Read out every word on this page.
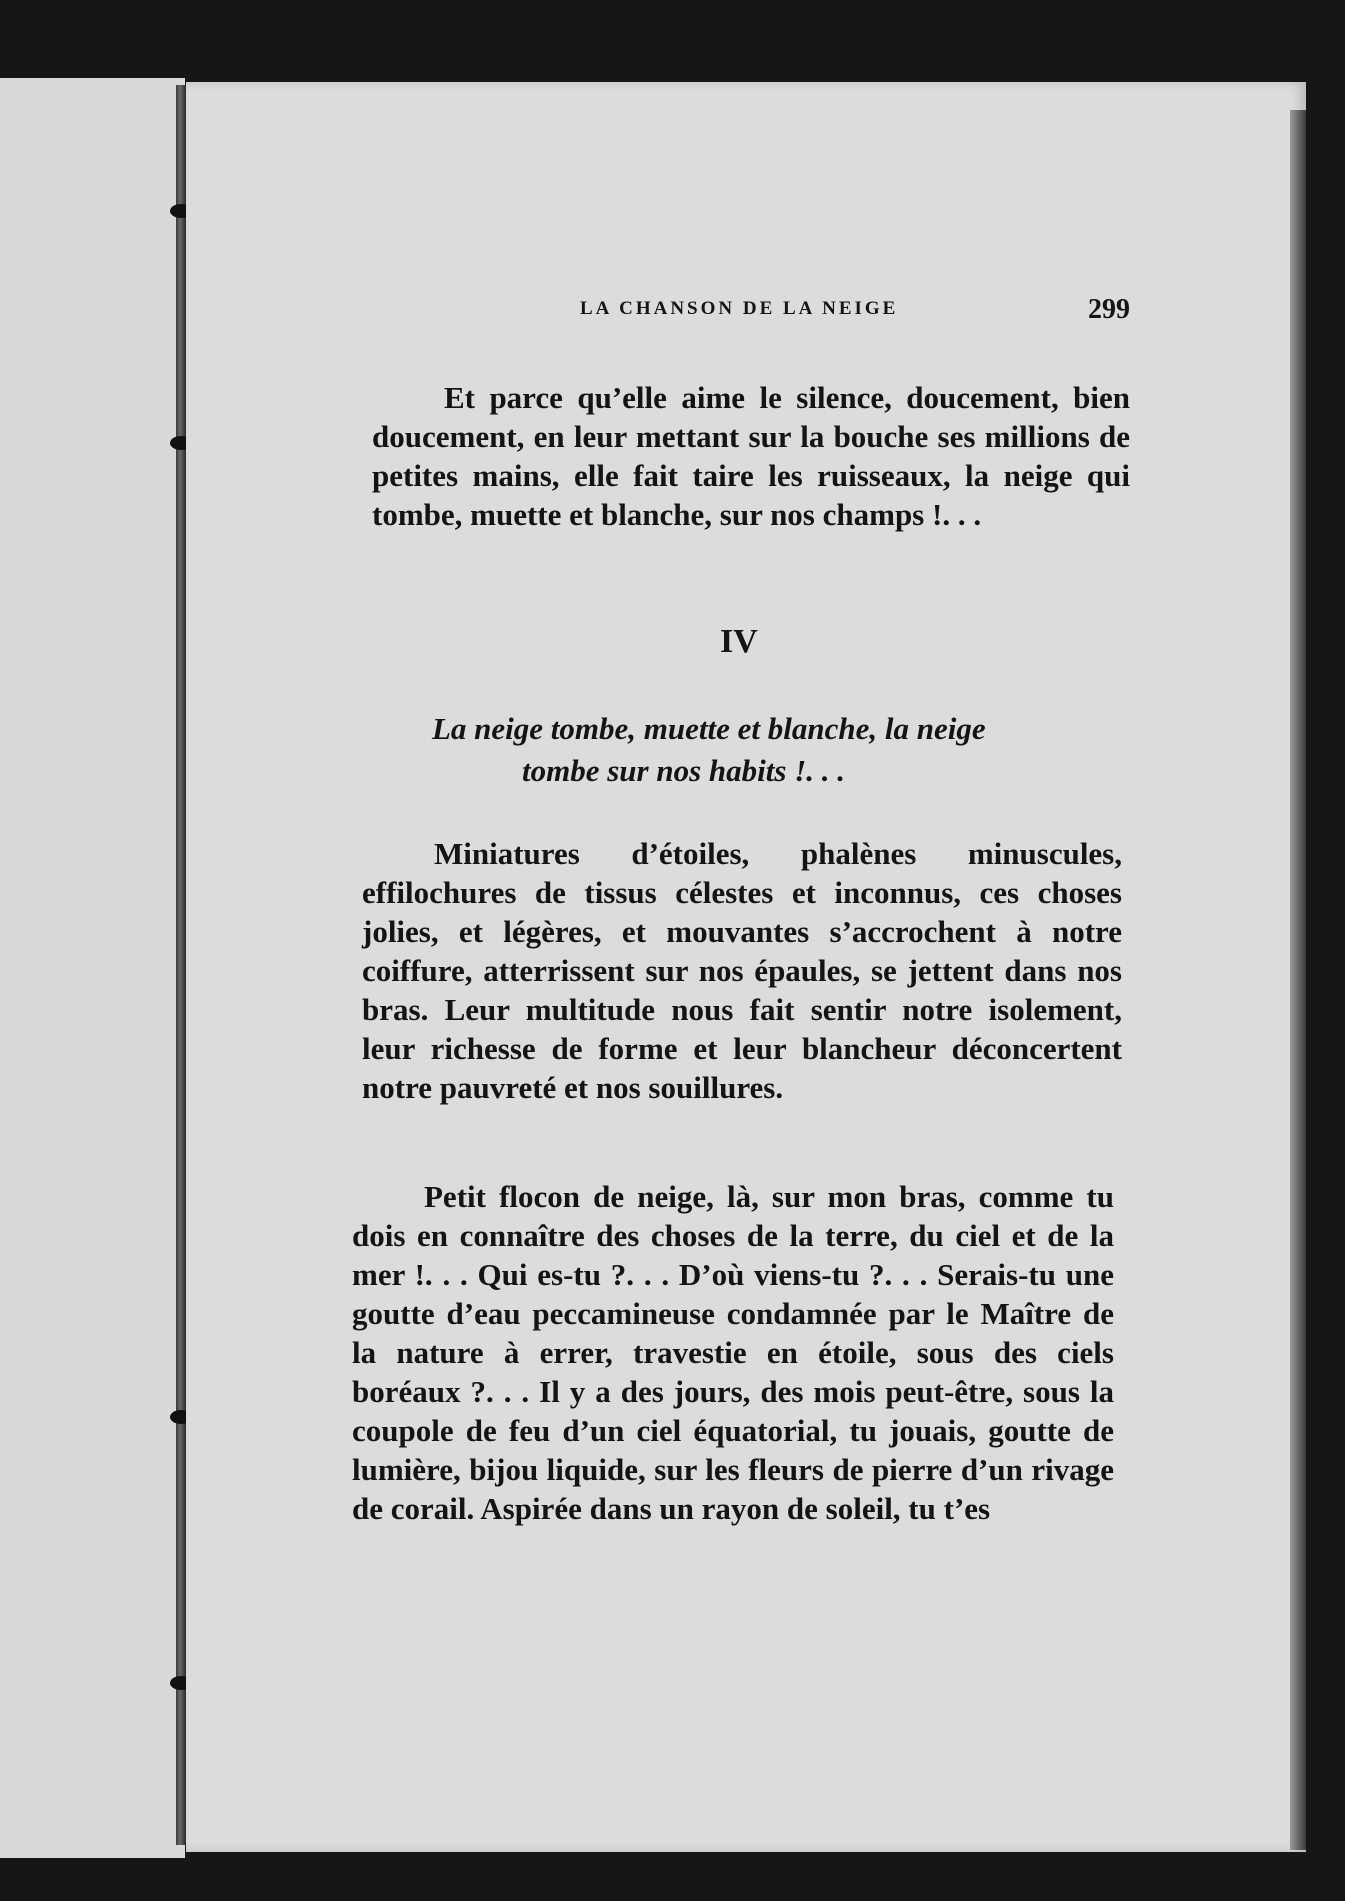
LA CHANSON DE LA NEIGE	299

Et parce qu’elle aime le silence, doucement, bien doucement, en leur mettant sur la bouche ses millions de petites mains, elle fait taire les ruisseaux, la neige qui tombe, muette et blanche, sur nos champs !. . .

IV
La neige tombe, muette et blanche, la neige
tombe sur nos habits !. . .

Miniatures d’étoiles, phalènes minuscules, effilochures de tissus célestes et inconnus, ces choses jolies, et légères, et mouvantes s’accrochent à notre coiffure, atterrissent sur nos épaules, se jettent dans nos bras. Leur multitude nous fait sentir notre isolement, leur richesse de forme et leur blancheur déconcertent notre pauvreté et nos souillures.

Petit flocon de neige, là, sur mon bras, comme tu dois en connaître des choses de la terre, du ciel et de la mer !. . . Qui es-tu ?. . . D’où viens-tu ?. . . Serais-tu une goutte d’eau peccamineuse condamnée par le Maître de la nature à errer, travestie en étoile, sous des ciels boréaux ?. . . Il y a des jours, des mois peut-être, sous la coupole de feu d’un ciel équatorial, tu jouais, goutte de lumière, bijou liquide, sur les fleurs de pierre d’un rivage de corail. Aspirée dans un rayon de soleil, tu t’es
